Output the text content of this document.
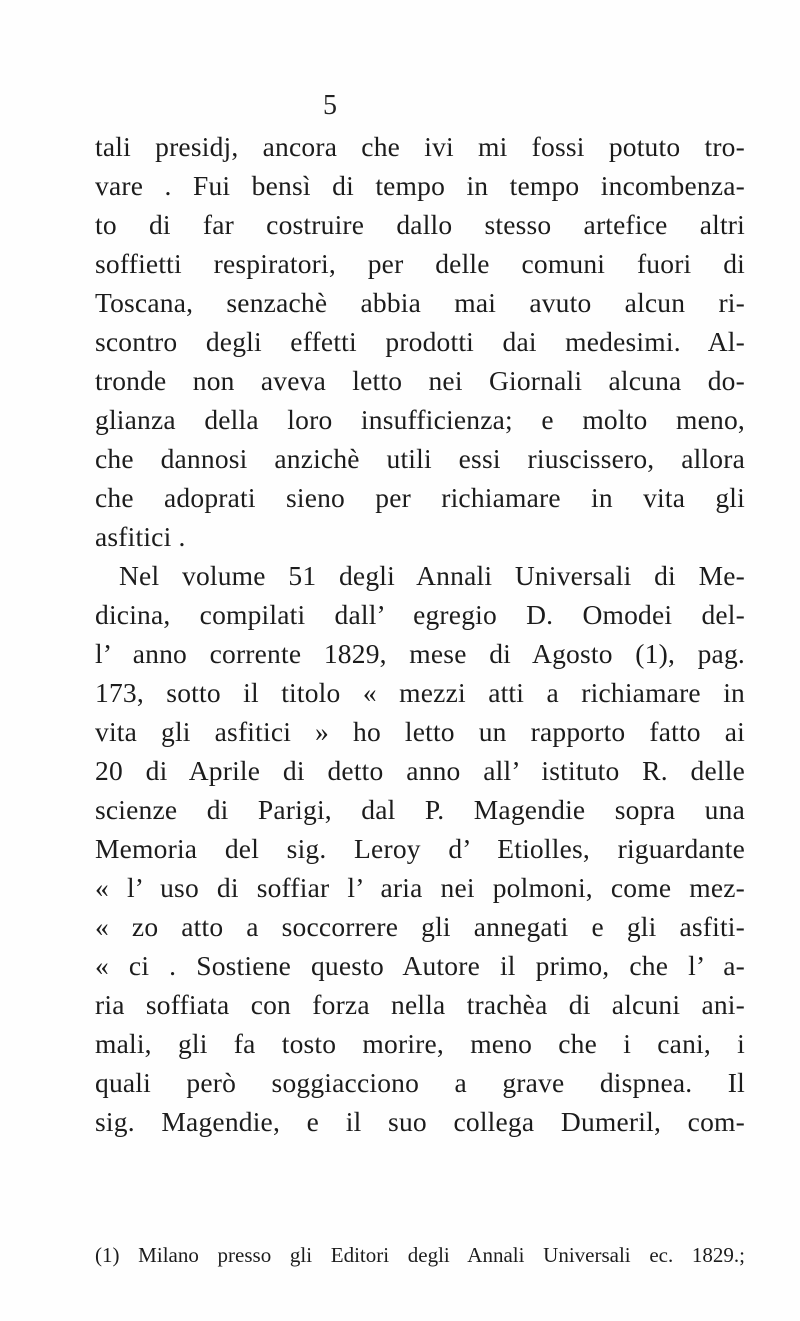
5
tali presidj, ancora che ivi mi fossi potuto tro-
vare . Fui bensì di tempo in tempo incombenza-
to di far costruire dallo stesso artefice altri
soffietti respiratori, per delle comuni fuori di
Toscana, senzachè abbia mai avuto alcun ri-
scontro degli effetti prodotti dai medesimi. Al-
tronde non aveva letto nei Giornali alcuna do-
glianza della loro insufficienza; e molto meno,
che dannosi anzichè utili essi riuscissero, allora
che adoprati sieno per richiamare in vita gli
asfitici .
Nel volume 51 degli Annali Universali di Me-
dicina, compilati dall’ egregio D. Omodei del-
l’ anno corrente 1829, mese di Agosto (1), pag.
173, sotto il titolo « mezzi atti a richiamare in
vita gli asfitici » ho letto un rapporto fatto ai
20 di Aprile di detto anno all’ istituto R. delle
scienze di Parigi, dal P. Magendie sopra una
Memoria del sig. Leroy d’ Etiolles, riguardante
« l’ uso di soffiar l’ aria nei polmoni, come mez-
« zo atto a soccorrere gli annegati e gli asfiti-
« ci . Sostiene questo Autore il primo, che l’ a-
ria soffiata con forza nella trachèa di alcuni ani-
mali, gli fa tosto morire, meno che i cani, i
quali però soggiacciono a grave dispnea. Il
sig. Magendie, e il suo collega Dumeril, com-
(1) Milano presso gli Editori degli Annali Universali ec. 1829.;
